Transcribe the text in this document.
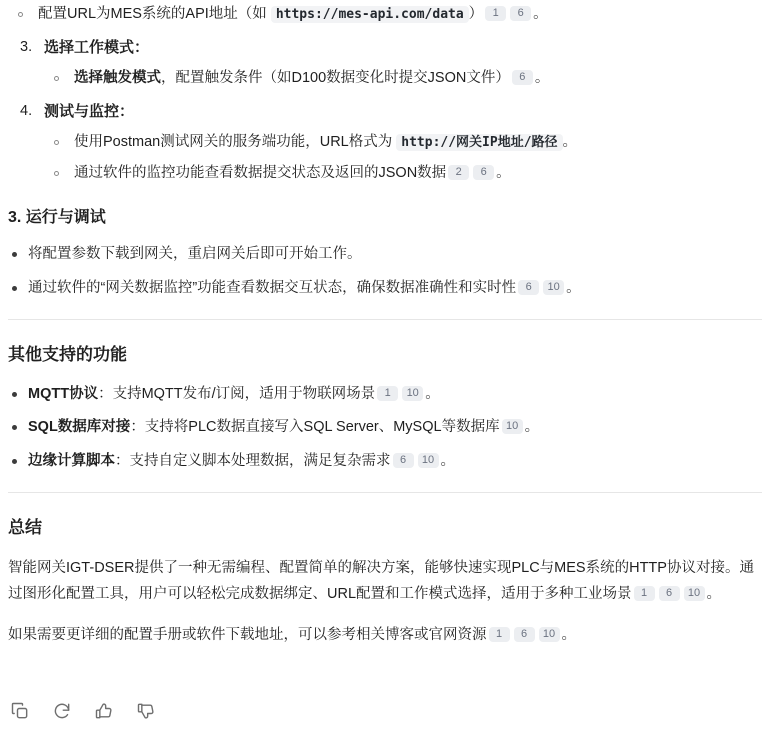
配置URL为MES系统的API地址（如 https://mes-api.com/data ） 1 6 。
3. 选择工作模式：
选择触发模式，配置触发条件（如D100数据变化时提交JSON文件） 6 。
4. 测试与监控：
使用Postman测试网关的服务端功能，URL格式为 http://网关IP地址/路径 。
通过软件的监控功能查看数据提交状态及返回的JSON数据 2 6 。
3. 运行与调试
将配置参数下载到网关，重启网关后即可开始工作。
通过软件的“网关数据监控”功能查看数据交互状态，确保数据准确性和实时性 6 10 。
其他支持的功能
MQTT协议：支持MQTT发布/订阅，适用于物联网场景 1 10 。
SQL数据库对接：支持将PLC数据直接写入SQL Server、MySQL等数据库 10 。
边缘计算脚本：支持自定义脚本处理数据，满足复杂需求 6 10 。
总结

智能网关IGT-DSER提供了一种无需编程、配置简单的解决方案，能够快速实现PLC与MES系统的HTTP协议对接。通过图形化配置工具，用户可以轻松完成数据绑定、URL配置和工作模式选择，适用于多种工业场景 1 6 10 。

如果需要更详细的配置手册或软件下载地址，可以参考相关博客或官网资源 1 6 10 。
